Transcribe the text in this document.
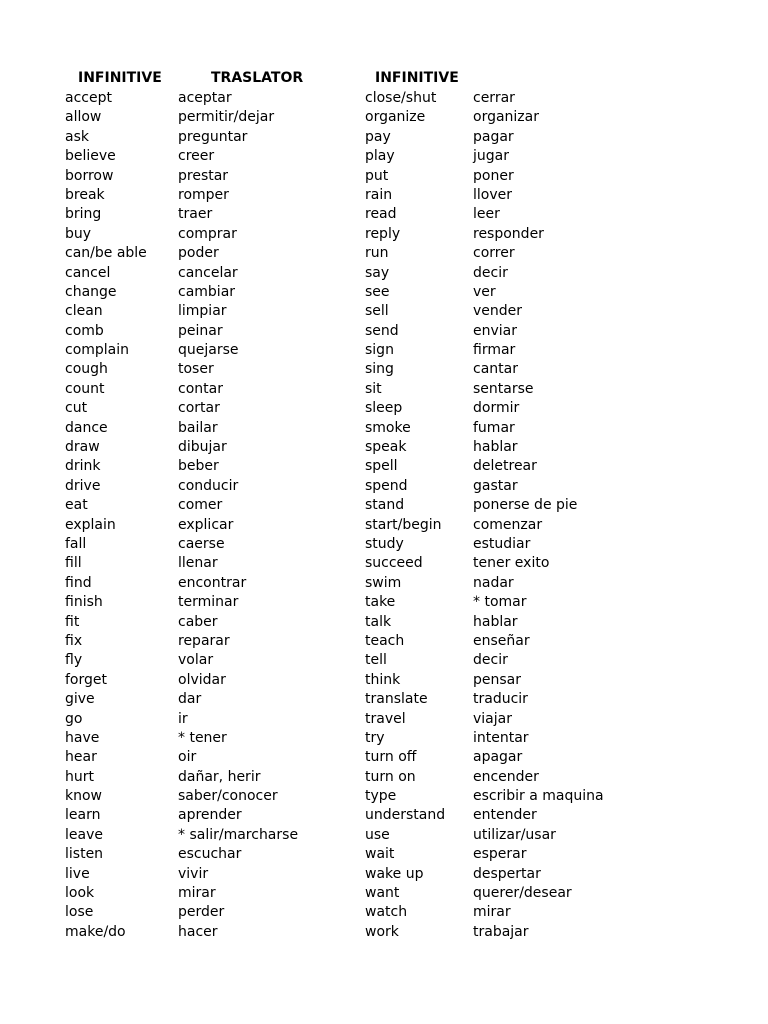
INFINITIVE	TRASLATOR	INFINITIVE
accept
allow
ask
believe
borrow
break
bring
buy
can/be able
cancel
change
clean
comb
complain
cough
count
cut
dance
draw
drink
drive
eat
explain
fall
fill
find
finish
fit
fix
fly
forget
give
go
have
hear
hurt
know
learn
leave
listen
live
look
lose
make/do
aceptar
permitir/dejar
preguntar
creer
prestar
romper
traer
comprar
poder
cancelar
cambiar
limpiar
peinar
quejarse
toser
contar
cortar
bailar
dibujar
beber
conducir
comer
explicar
caerse
llenar
encontrar
terminar
caber
reparar
volar
olvidar
dar
ir
* tener
oir
dañar, herir
saber/conocer
aprender
* salir/marcharse
escuchar
vivir
mirar
perder
hacer
close/shut
organize
pay
play
put
rain
read
reply
run
say
see
sell
send
sign
sing
sit
sleep
smoke
speak
spell
spend
stand
start/begin
study
succeed
swim
take
talk
teach
tell
think
translate
travel
try
turn off
turn on
type
understand
use
wait
wake up
want
watch
work
cerrar
organizar
pagar
jugar
poner
llover
leer
responder
correr
decir
ver
vender
enviar
firmar
cantar
sentarse
dormir
fumar
hablar
deletrear
gastar
ponerse de pie
comenzar
estudiar
tener exito
nadar
* tomar
hablar
enseñar
decir
pensar
traducir
viajar
intentar
apagar
encender
escribir a maquina
entender
utilizar/usar
esperar
despertar
querer/desear
mirar
trabajar
